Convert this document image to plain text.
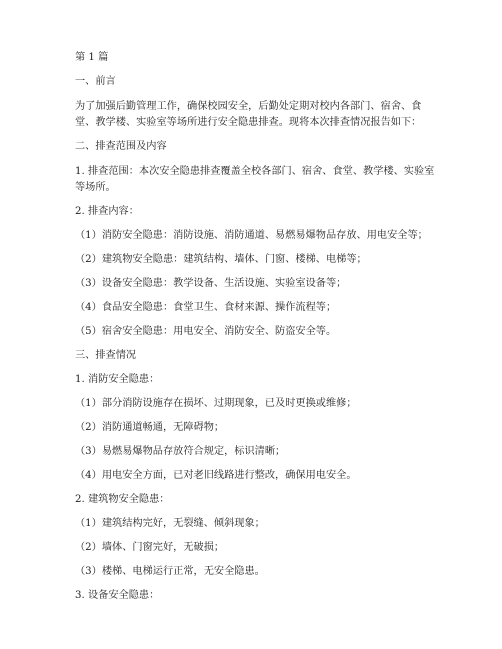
第 1 篇
一、前言
为了加强后勤管理工作，确保校园安全，后勤处定期对校内各部门、宿舍、食堂、教学楼、实验室等场所进行安全隐患排查。现将本次排查情况报告如下：
二、排查范围及内容
1. 排查范围：本次安全隐患排查覆盖全校各部门、宿舍、食堂、教学楼、实验室等场所。
2. 排查内容：
（1）消防安全隐患：消防设施、消防通道、易燃易爆物品存放、用电安全等；
（2）建筑物安全隐患：建筑结构、墙体、门窗、楼梯、电梯等；
（3）设备安全隐患：教学设备、生活设施、实验室设备等；
（4）食品安全隐患：食堂卫生、食材来源、操作流程等；
（5）宿舍安全隐患：用电安全、消防安全、防盗安全等。
三、排查情况
1. 消防安全隐患：
（1）部分消防设施存在损坏、过期现象，已及时更换或维修；
（2）消防通道畅通，无障碍物；
（3）易燃易爆物品存放符合规定，标识清晰；
（4）用电安全方面，已对老旧线路进行整改，确保用电安全。
2. 建筑物安全隐患：
（1）建筑结构完好，无裂缝、倾斜现象；
（2）墙体、门窗完好，无破损；
（3）楼梯、电梯运行正常，无安全隐患。
3. 设备安全隐患：
